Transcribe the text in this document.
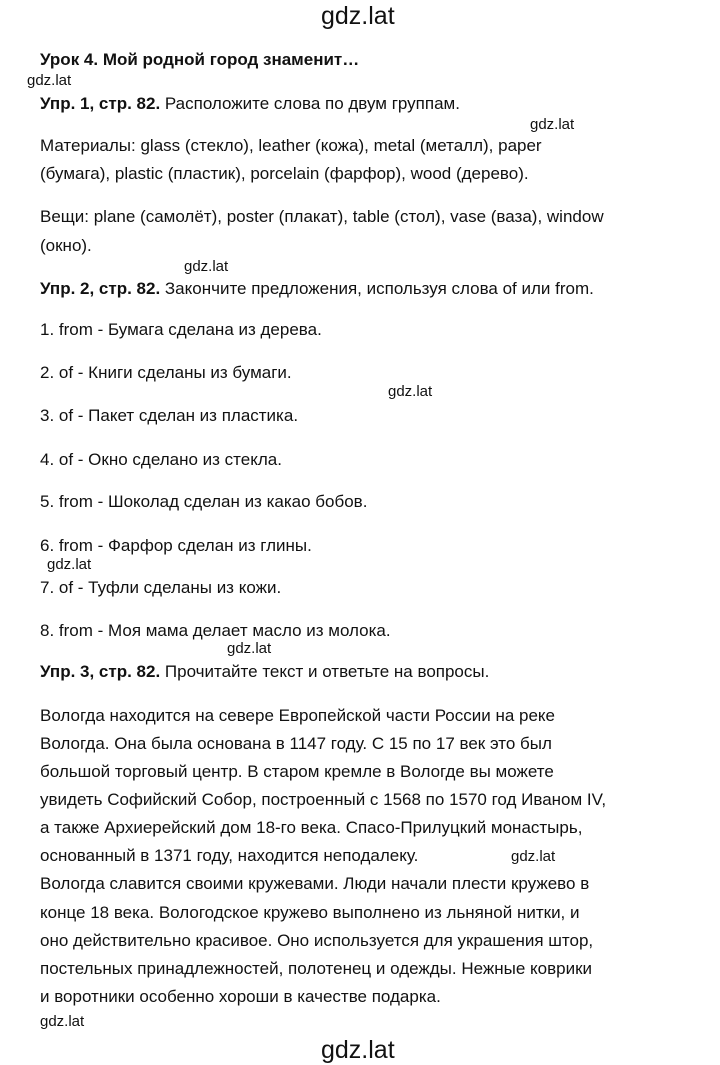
gdz.lat
gdz.lat
gdz.lat
gdz.lat
gdz.lat
gdz.lat
gdz.lat
gdz.lat
gdz.lat
gdz.lat
Урок 4. Мой родной город знаменит…
Упр. 1, стр. 82. Расположите слова по двум группам.
Материалы: glass (стекло), leather (кожа), metal (металл), paper
(бумага), plastic (пластик), porcelain (фарфор), wood (дерево).
Вещи: plane (самолёт), poster (плакат), table (стол), vase (ваза), window
(окно).
Упр. 2, стр. 82. Закончите предложения, используя слова of или from.
1. from - Бумага сделана из дерева.
2. of - Книги сделаны из бумаги.
3. of - Пакет сделан из пластика.
4. of - Окно сделано из стекла.
5. from - Шоколад сделан из какао бобов.
6. from - Фарфор сделан из глины.
7. of - Туфли сделаны из кожи.
8. from - Моя мама делает масло из молока.
Упр. 3, стр. 82. Прочитайте текст и ответьте на вопросы.
Вологда находится на севере Европейской части России на реке
Вологда. Она была основана в 1147 году. С 15 по 17 век это был
большой торговый центр. В старом кремле в Вологде вы можете
увидеть Софийский Собор, построенный с 1568 по 1570 год Иваном IV,
а также Архиерейский дом 18-го века. Спасо-Прилуцкий монастырь,
основанный в 1371 году, находится неподалеку.
Вологда славится своими кружевами. Люди начали плести кружево в
конце 18 века. Вологодское кружево выполнено из льняной нитки, и
оно действительно красивое. Оно используется для украшения штор,
постельных принадлежностей, полотенец и одежды. Нежные коврики
и воротники особенно хороши в качестве подарка.
